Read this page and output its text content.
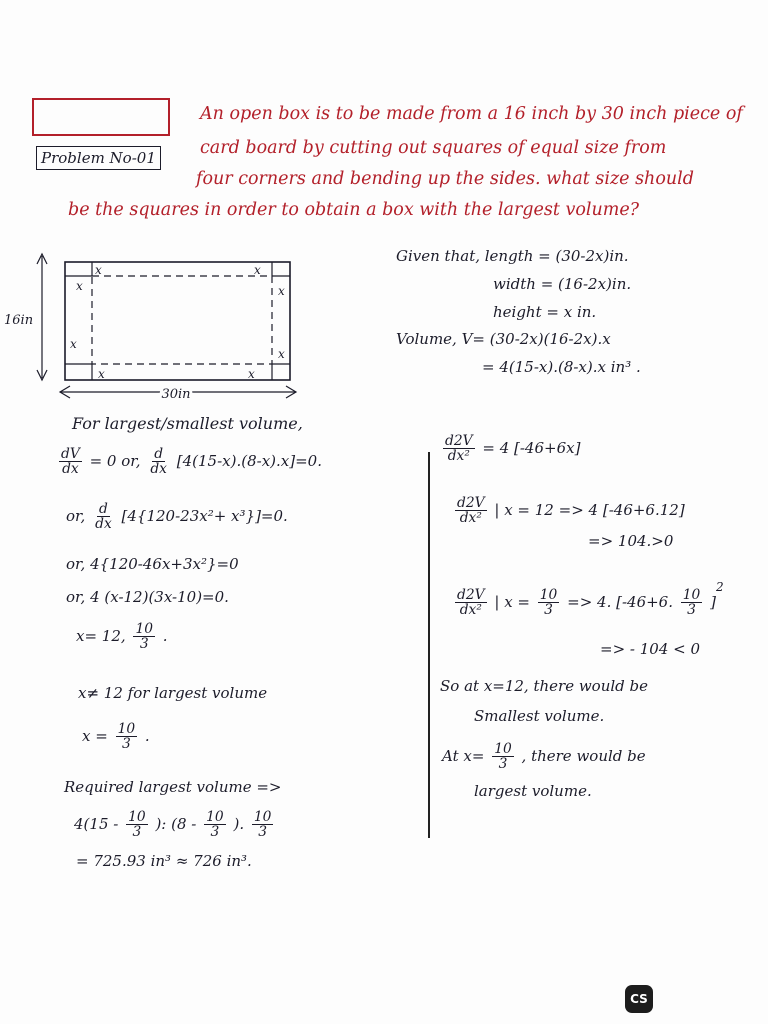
Problem No-01
An open box is to be made from a 16 inch by 30 inch piece of
card board by cutting out squares of equal size from
four corners and bending up the sides. what size should
be the squares in order to obtain a box with the largest volume?
x
x
x
x
x
x	x
x
16in
30in
Given that, length = (30-2x)in.
width = (16-2x)in.
height = x in.
Volume, V= (30-2x)(16-2x).x
= 4(15-x).(8-x).x in³ .
For largest/smallest volume,
$\frac{dV}{dx} = 0$ or, $\frac{d}{dx} [4(15-x).(8-x).x]=0$.
or, $\frac{d}{dx} [4\{120-23x^2+ x^3\}]=0$.
or, 4{120-46x+3x²}=0
or, 4 (x-12)(3x-10)=0.
x= 12, $\frac{10}{3}$ .
x≠ 12 for largest volume
$x = \frac{10}{3}$ .
Required largest volume =>
$4(15 - \frac{10}{3}$ ): ($8 - \frac{10}{3}$ ). $\frac{10}{3}$
= 725.93 in³ ≈ 726 in³.
$\frac{d2V}{\text{dx²}} = 4$ [-46+6x]
$\frac{d2V}{\text{dx²}}$ | x = 12 => 4 [-46+6.12]
=> 104.>0
$\frac{d2V}{\text{dx²}}$ | $x = \frac{10}{3} => 4$. [-46+6. $\frac{10}{3}$ ]
2
=> - 104 < 0
So at x=12, there would be
Smallest volume.
At $x= \frac{10}{3}$ , there would be
largest volume.
CS
